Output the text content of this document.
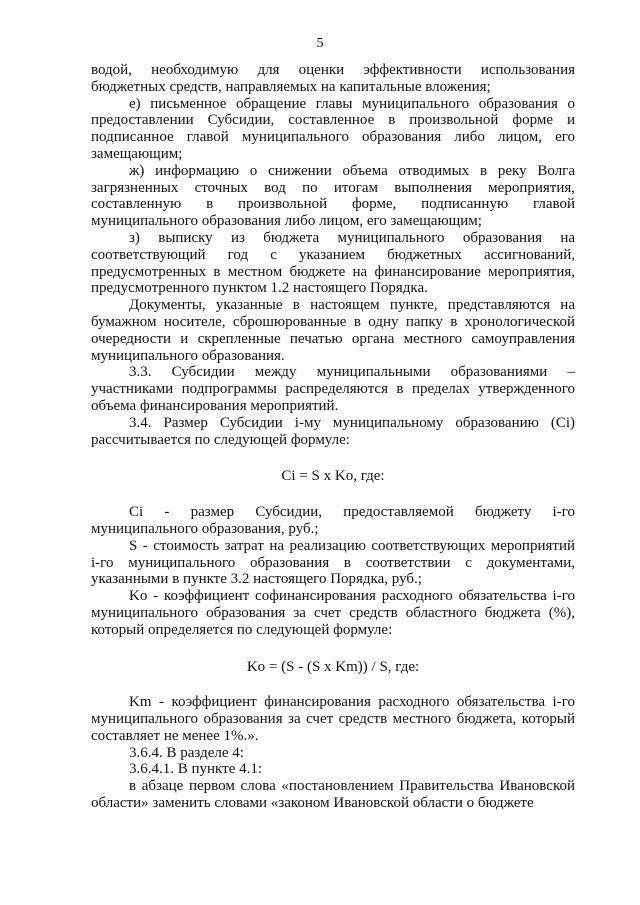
5

водой, необходимую для оценки эффективности использования бюджетных средств, направляемых на капитальные вложения;

е) письменное обращение главы муниципального образования о предоставлении Субсидии, составленное в произвольной форме и подписанное главой муниципального образования либо лицом, его замещающим;

ж) информацию о снижении объема отводимых в реку Волга загрязненных сточных вод по итогам выполнения мероприятия, составленную в произвольной форме, подписанную главой муниципального образования либо лицом, его замещающим;

з) выписку из бюджета муниципального образования на соответствующий год с указанием бюджетных ассигнований, предусмотренных в местном бюджете на финансирование мероприятия, предусмотренного пунктом 1.2 настоящего Порядка.

Документы, указанные в настоящем пункте, представляются на бумажном носителе, сброшюрованные в одну папку в хронологической очередности и скрепленные печатью органа местного самоуправления муниципального образования.

3.3. Субсидии между муниципальными образованиями – участниками подпрограммы распределяются в пределах утвержденного объема финансирования мероприятий.

3.4. Размер Субсидии i-му муниципальному образованию (Ci) рассчитывается по следующей формуле:

Ci = S x Ko, где:

Ci - размер Субсидии, предоставляемой бюджету i-го муниципального образования, руб.;

S - стоимость затрат на реализацию соответствующих мероприятий i-го муниципального образования в соответствии с документами, указанными в пункте 3.2 настоящего Порядка, руб.;

Ko - коэффициент софинансирования расходного обязательства i-го муниципального образования за счет средств областного бюджета (%), который определяется по следующей формуле:

Ko = (S - (S x Km)) / S, где:

Km - коэффициент финансирования расходного обязательства i-го муниципального образования за счет средств местного бюджета, который составляет не менее 1%.».

3.6.4. В разделе 4:

3.6.4.1. В пункте 4.1:

в абзаце первом слова «постановлением Правительства Ивановской области» заменить словами «законом Ивановской области о бюджете
